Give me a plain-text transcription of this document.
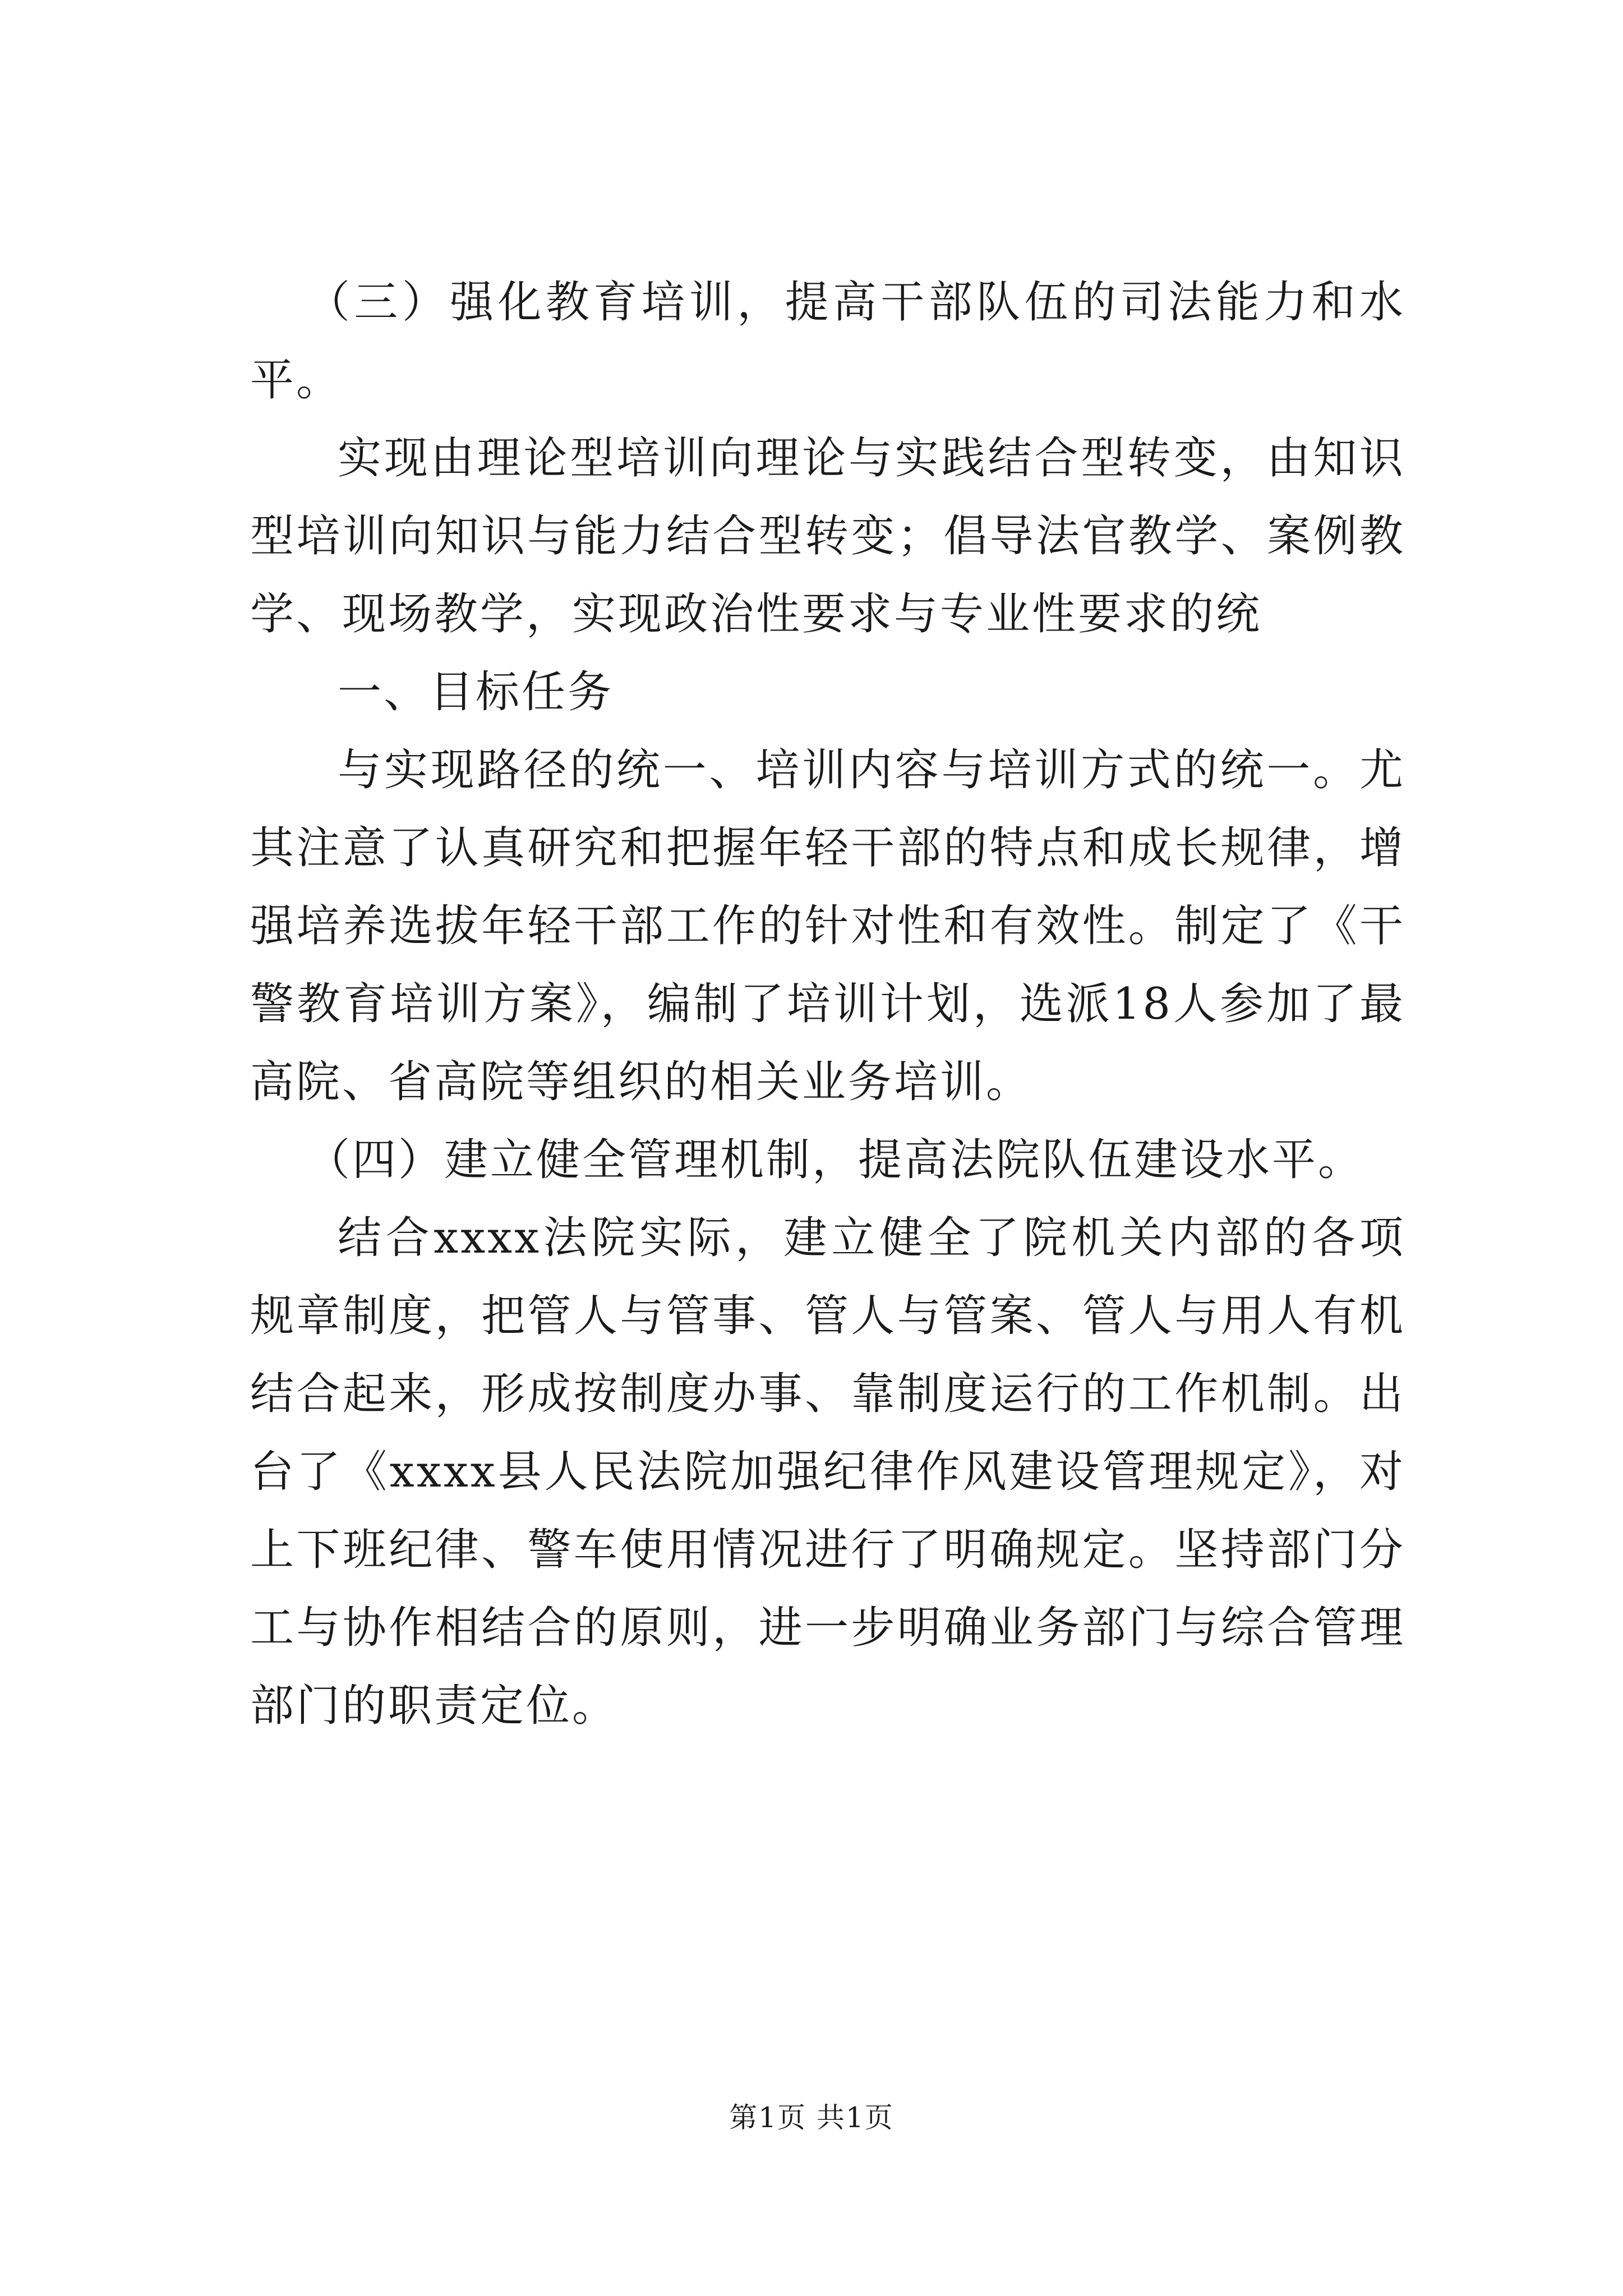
（三）强化教育培训，提高干部队伍的司法能力和水平。

实现由理论型培训向理论与实践结合型转变，由知识型培训向知识与能力结合型转变；倡导法官教学、案例教学、现场教学，实现政治性要求与专业性要求的统

一、目标任务

与实现路径的统一、培训内容与培训方式的统一。尤其注意了认真研究和把握年轻干部的特点和成长规律，增强培养选拔年轻干部工作的针对性和有效性。制定了《干警教育培训方案》，编制了培训计划，选派18人参加了最高院、省高院等组织的相关业务培训。

（四）建立健全管理机制，提高法院队伍建设水平。

结合xxxx法院实际，建立健全了院机关内部的各项规章制度，把管人与管事、管人与管案、管人与用人有机结合起来，形成按制度办事、靠制度运行的工作机制。出台了《xxxx县人民法院加强纪律作风建设管理规定》，对上下班纪律、警车使用情况进行了明确规定。坚持部门分工与协作相结合的原则，进一步明确业务部门与综合管理部门的职责定位。

第1页 共1页
